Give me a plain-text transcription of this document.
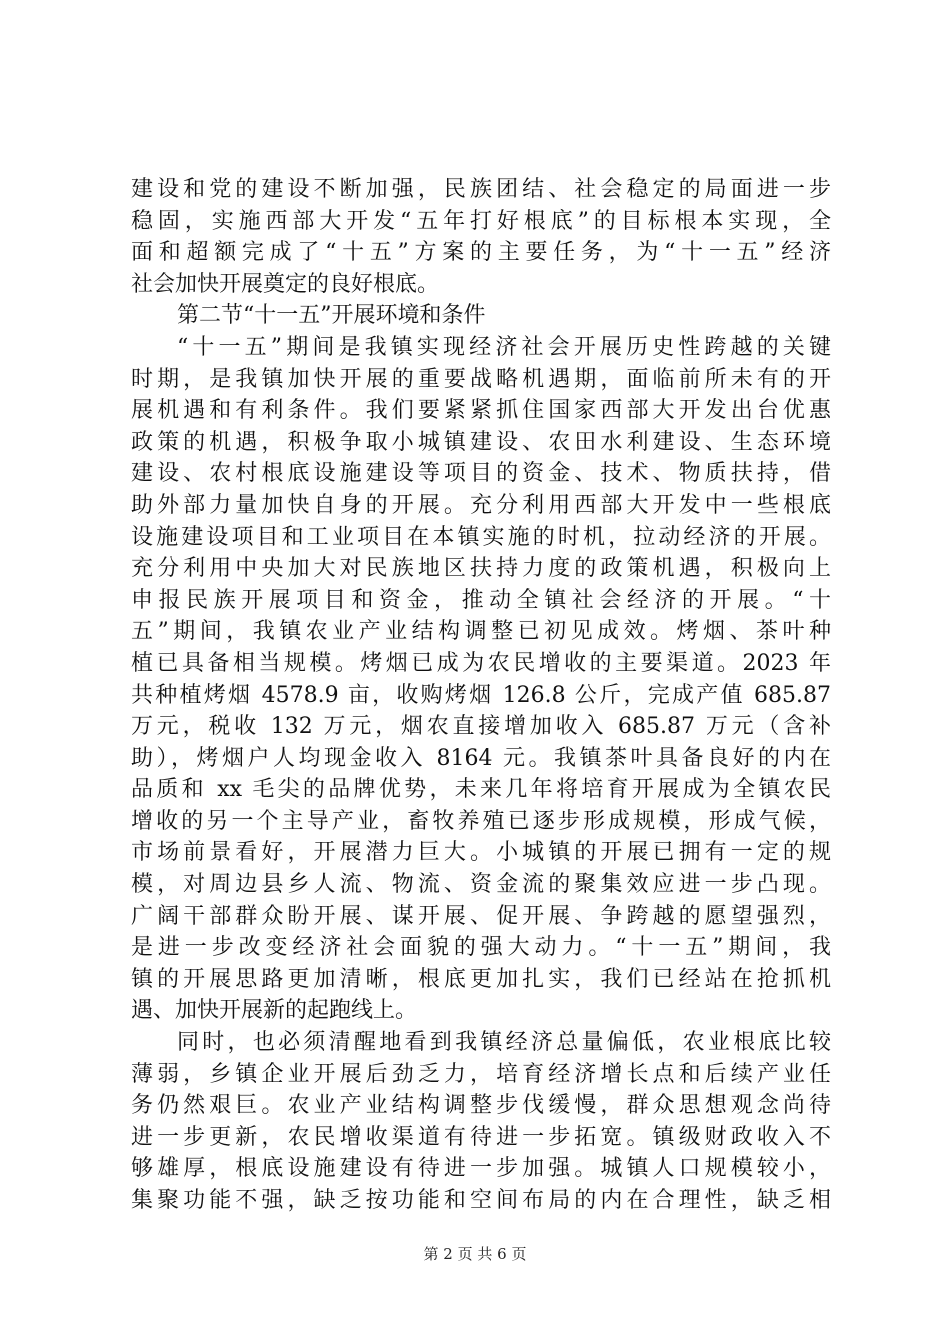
建设和党的建设不断加强，民族团结、社会稳定的局面进一步
稳固，实施西部大开发“五年打好根底”的目标根本实现，全
面和超额完成了“十五”方案的主要任务，为“十一五”经济
社会加快开展奠定的良好根底。
第二节“十一五”开展环境和条件
“十一五”期间是我镇实现经济社会开展历史性跨越的关键
时期，是我镇加快开展的重要战略机遇期，面临前所未有的开
展机遇和有利条件。我们要紧紧抓住国家西部大开发出台优惠
政策的机遇，积极争取小城镇建设、农田水利建设、生态环境
建设、农村根底设施建设等项目的资金、技术、物质扶持，借
助外部力量加快自身的开展。充分利用西部大开发中一些根底
设施建设项目和工业项目在本镇实施的时机，拉动经济的开展。
充分利用中央加大对民族地区扶持力度的政策机遇，积极向上
申报民族开展项目和资金，推动全镇社会经济的开展。“十
五”期间，我镇农业产业结构调整已初见成效。烤烟、茶叶种
植已具备相当规模。烤烟已成为农民增收的主要渠道。2023 年
共种植烤烟 4578.9 亩，收购烤烟 126.8 公斤，完成产值 685.87
万元，税收 132 万元，烟农直接增加收入 685.87 万元（含补
助），烤烟户人均现金收入 8164 元。我镇茶叶具备良好的内在
品质和 xx 毛尖的品牌优势，未来几年将培育开展成为全镇农民
增收的另一个主导产业，畜牧养殖已逐步形成规模，形成气候，
市场前景看好，开展潜力巨大。小城镇的开展已拥有一定的规
模，对周边县乡人流、物流、资金流的聚集效应进一步凸现。
广阔干部群众盼开展、谋开展、促开展、争跨越的愿望强烈，
是进一步改变经济社会面貌的强大动力。“十一五”期间，我
镇的开展思路更加清晰，根底更加扎实，我们已经站在抢抓机
遇、加快开展新的起跑线上。
同时，也必须清醒地看到我镇经济总量偏低，农业根底比较
薄弱，乡镇企业开展后劲乏力，培育经济增长点和后续产业任
务仍然艰巨。农业产业结构调整步伐缓慢，群众思想观念尚待
进一步更新，农民增收渠道有待进一步拓宽。镇级财政收入不
够雄厚，根底设施建设有待进一步加强。城镇人口规模较小，
集聚功能不强，缺乏按功能和空间布局的内在合理性，缺乏相
第 2 页 共 6 页
